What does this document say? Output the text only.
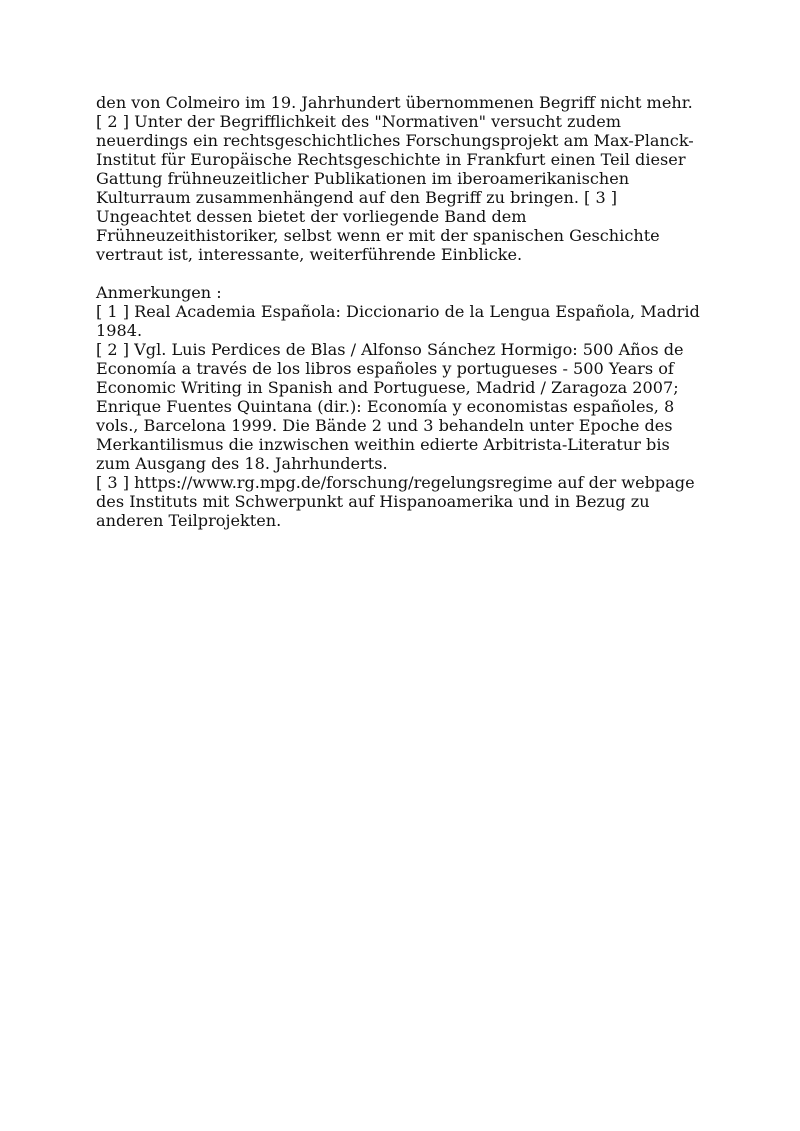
den von Colmeiro im 19. Jahrhundert übernommenen Begriff nicht mehr.
[ 2 ] Unter der Begrifflichkeit des "Normativen" versucht zudem
neuerdings ein rechtsgeschichtliches Forschungsprojekt am Max-Planck-
Institut für Europäische Rechtsgeschichte in Frankfurt einen Teil dieser
Gattung frühneuzeitlicher Publikationen im iberoamerikanischen
Kulturraum zusammenhängend auf den Begriff zu bringen. [ 3 ]
Ungeachtet dessen bietet der vorliegende Band dem
Frühneuzeithistoriker, selbst wenn er mit der spanischen Geschichte
vertraut ist, interessante, weiterführende Einblicke.
Anmerkungen :
[ 1 ] Real Academia Española: Diccionario de la Lengua Española, Madrid
1984.
[ 2 ] Vgl. Luis Perdices de Blas / Alfonso Sánchez Hormigo: 500 Años de
Economía a través de los libros españoles y portugueses - 500 Years of
Economic Writing in Spanish and Portuguese, Madrid / Zaragoza 2007;
Enrique Fuentes Quintana (dir.): Economía y economistas españoles, 8
vols., Barcelona 1999. Die Bände 2 und 3 behandeln unter Epoche des
Merkantilismus die inzwischen weithin edierte Arbitrista-Literatur bis
zum Ausgang des 18. Jahrhunderts.
[ 3 ] https://www.rg.mpg.de/forschung/regelungsregime auf der webpage
des Instituts mit Schwerpunkt auf Hispanoamerika und in Bezug zu
anderen Teilprojekten.
